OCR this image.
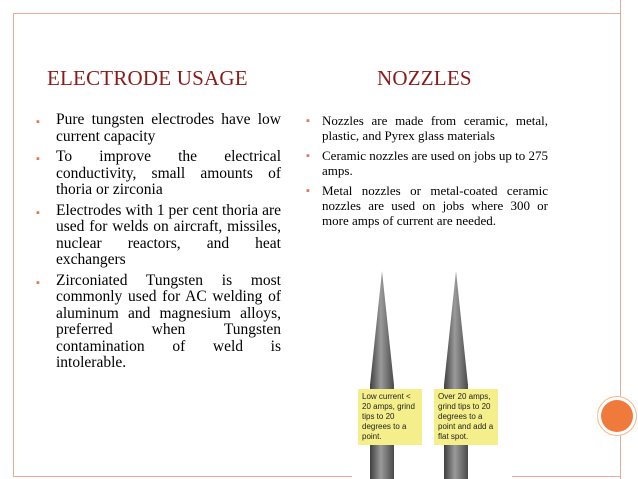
ELECTRODE USAGE	NOZZLES
▪ Pure tungsten electrodes have low current capacity
▪ To improve the electrical conductivity, small amounts of thoria or zirconia
▪ Electrodes with 1 per cent thoria are used for welds on aircraft, missiles, nuclear reactors, and heat exchangers
▪ Zirconiated Tungsten is most commonly used for AC welding of aluminum and magnesium alloys, preferred when Tungsten contamination of weld is intolerable.
▪ Nozzles are made from ceramic, metal, plastic, and Pyrex glass materials
▪ Ceramic nozzles are used on jobs up to 275 amps.
▪ Metal nozzles or metal-coated ceramic nozzles are used on jobs where 300 or more amps of current are needed.
Low current < 20 amps, grind tips to 20 degrees to a point.
Over 20 amps, grind tips to 20 degrees to a point and add a flat spot.
